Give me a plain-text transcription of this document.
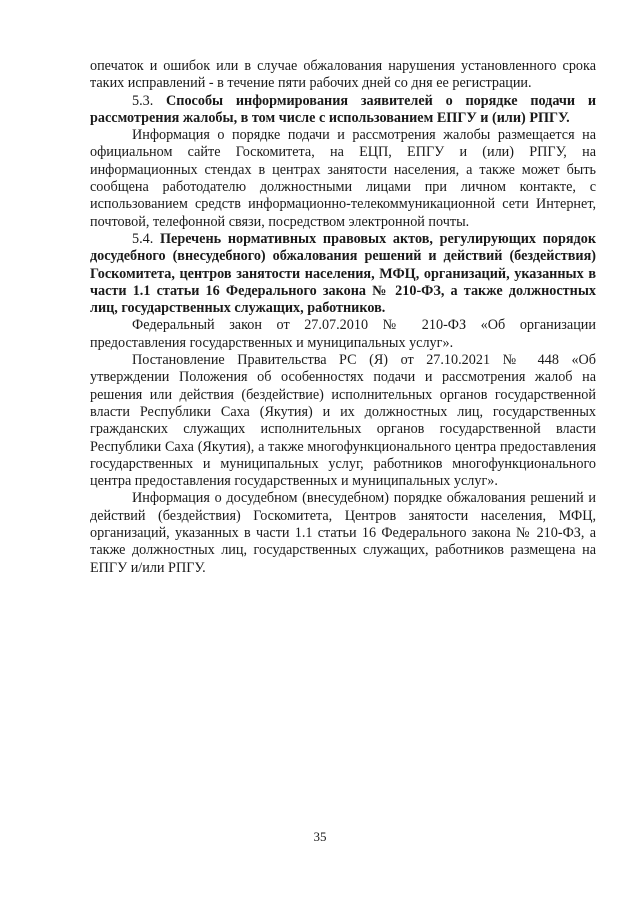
опечаток и ошибок или в случае обжалования нарушения установленного срока таких исправлений - в течение пяти рабочих дней со дня ее регистрации.

5.3. Способы информирования заявителей о порядке подачи и рассмотрения жалобы, в том числе с использованием ЕПГУ и (или) РПГУ.

Информация о порядке подачи и рассмотрения жалобы размещается на официальном сайте Госкомитета, на ЕЦП, ЕПГУ и (или) РПГУ, на информационных стендах в центрах занятости населения, а также может быть сообщена работодателю должностными лицами при личном контакте, с использованием средств информационно-телекоммуникационной сети Интернет, почтовой, телефонной связи, посредством электронной почты.

5.4. Перечень нормативных правовых актов, регулирующих порядок досудебного (внесудебного) обжалования решений и действий (бездействия) Госкомитета, центров занятости населения, МФЦ, организаций, указанных в части 1.1 статьи 16 Федерального закона № 210-ФЗ, а также должностных лиц, государственных служащих, работников.

Федеральный закон от 27.07.2010 № 210-ФЗ «Об организации предоставления государственных и муниципальных услуг».

Постановление Правительства РС (Я) от 27.10.2021 № 448 «Об утверждении Положения об особенностях подачи и рассмотрения жалоб на решения или действия (бездействие) исполнительных органов государственной власти Республики Саха (Якутия) и их должностных лиц, государственных гражданских служащих исполнительных органов государственной власти Республики Саха (Якутия), а также многофункционального центра предоставления государственных и муниципальных услуг, работников многофункционального центра предоставления государственных и муниципальных услуг».

Информация о досудебном (внесудебном) порядке обжалования решений и действий (бездействия) Госкомитета, Центров занятости населения, МФЦ, организаций, указанных в части 1.1 статьи 16 Федерального закона № 210-ФЗ, а также должностных лиц, государственных служащих, работников размещена на ЕПГУ и/или РПГУ.

35
